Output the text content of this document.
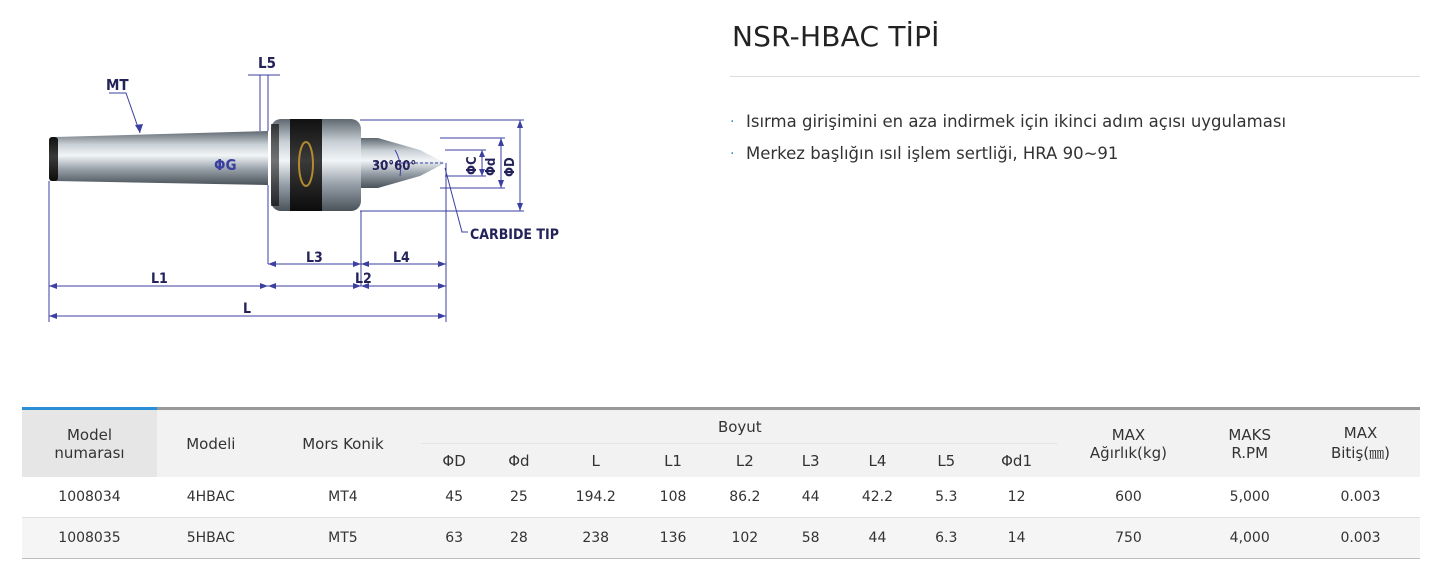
MT
L5
ΦG	30°60°
CARBIDE TIP
L3	L4
L1	L2
L
ΦC Φd ΦD
NSR-HBAC TİPİ
· Isırma girişimini en aza indirmek için ikinci adım açısı uygulaması
· Merkez başlığın ısıl işlem sertliği, HRA 90~91
Model numarası	Modeli	Mors Konik	Boyut									MAX Ağırlık(kg)	MAKS R.PM	MAX Bitiş(㎜)
			ΦD	Φd	L	L1	L2	L3	L4	L5	Φd1			
1008034	4HBAC	MT4	45	25	194.2	108	86.2	44	42.2	5.3	12	600	5,000	0.003
1008035	5HBAC	MT5	63	28	238	136	102	58	44	6.3	14	750	4,000	0.003
